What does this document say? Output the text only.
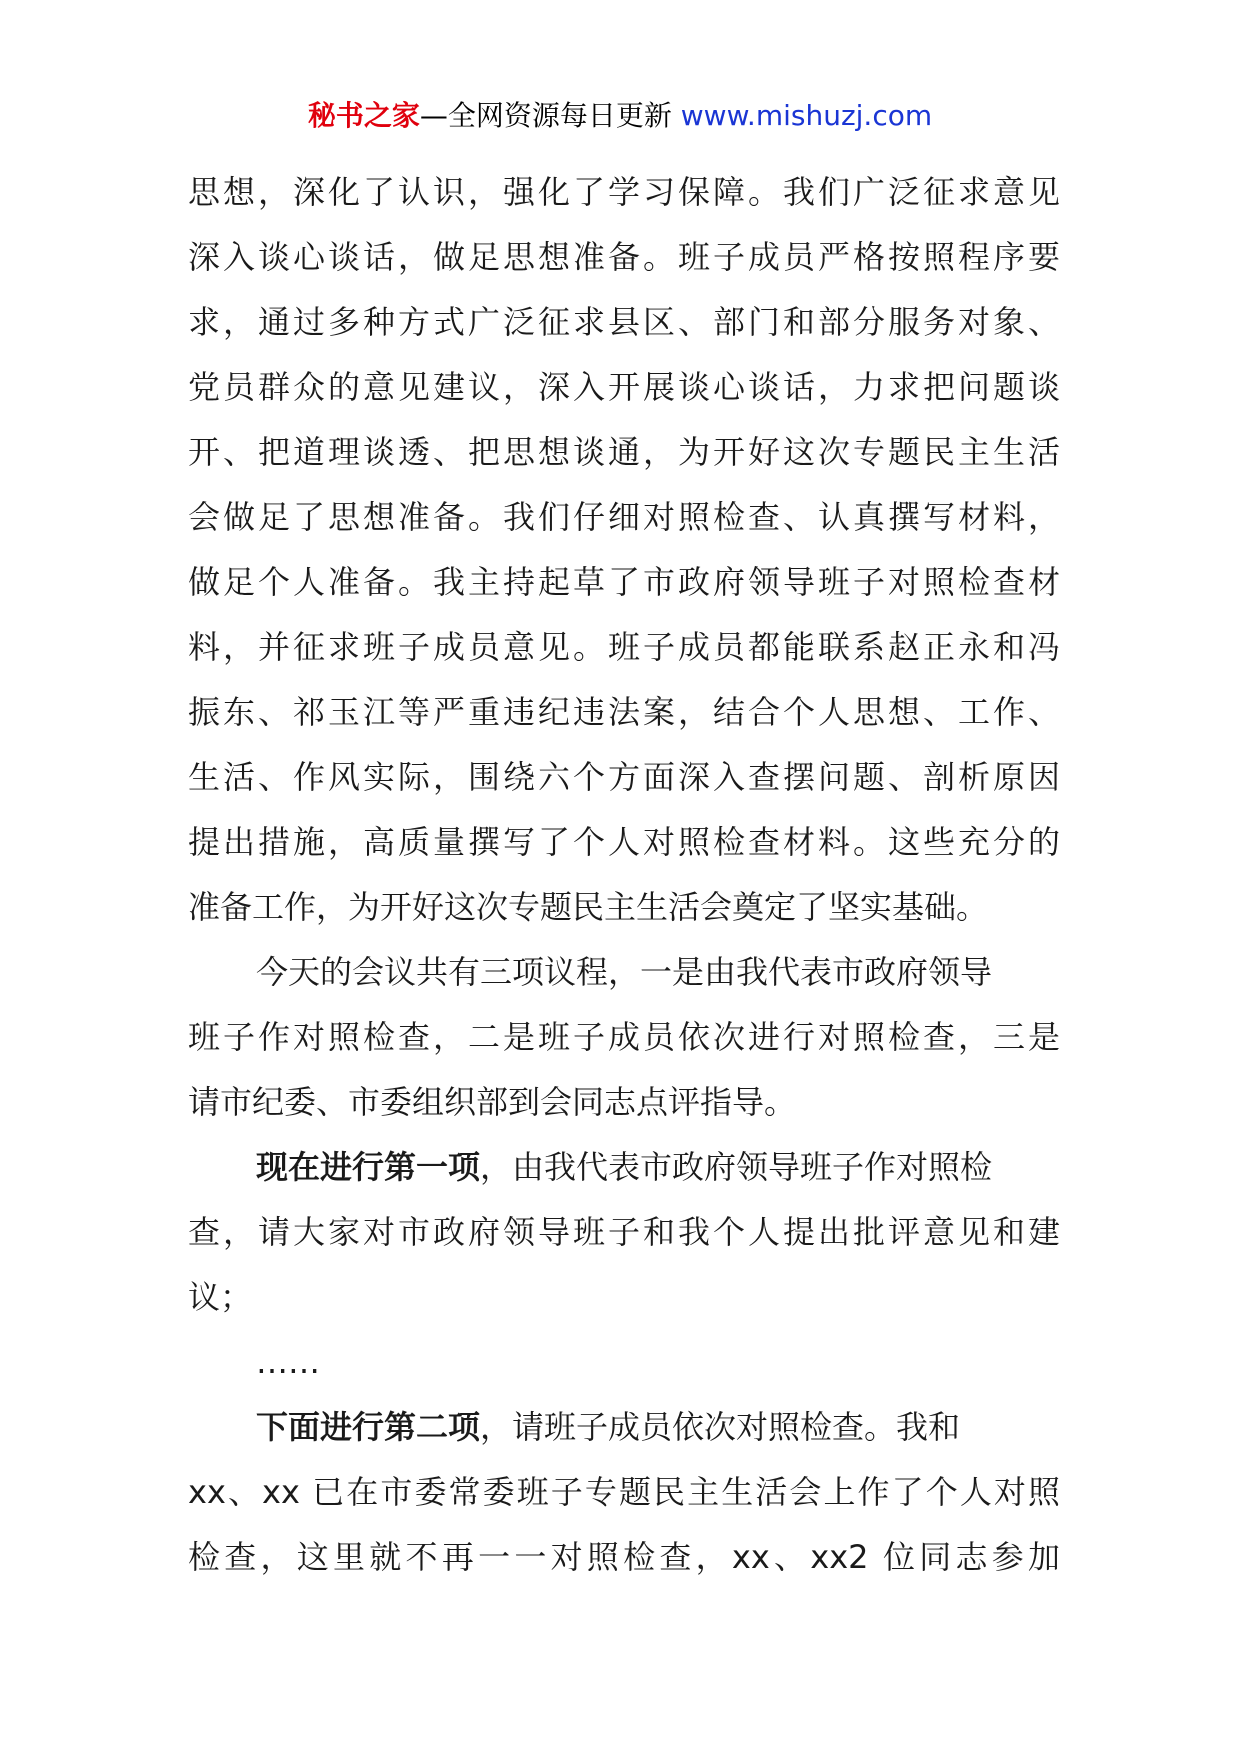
秘书之家—全网资源每日更新 www.mishuzj.com
思想，深化了认识，强化了学习保障。我们广泛征求意见
深入谈心谈话，做足思想准备。班子成员严格按照程序要
求，通过多种方式广泛征求县区、部门和部分服务对象、
党员群众的意见建议，深入开展谈心谈话，力求把问题谈
开、把道理谈透、把思想谈通，为开好这次专题民主生活
会做足了思想准备。我们仔细对照检查、认真撰写材料，
做足个人准备。我主持起草了市政府领导班子对照检查材
料，并征求班子成员意见。班子成员都能联系赵正永和冯
振东、祁玉江等严重违纪违法案，结合个人思想、工作、
生活、作风实际，围绕六个方面深入查摆问题、剖析原因
提出措施，高质量撰写了个人对照检查材料。这些充分的
准备工作，为开好这次专题民主生活会奠定了坚实基础。
今天的会议共有三项议程，一是由我代表市政府领导
班子作对照检查，二是班子成员依次进行对照检查，三是
请市纪委、市委组织部到会同志点评指导。
现在进行第一项，由我代表市政府领导班子作对照检
查，请大家对市政府领导班子和我个人提出批评意见和建
议；
……
下面进行第二项，请班子成员依次对照检查。我和
xx、xx 已在市委常委班子专题民主生活会上作了个人对照
检查，这里就不再一一对照检查，xx、xx2 位同志参加
